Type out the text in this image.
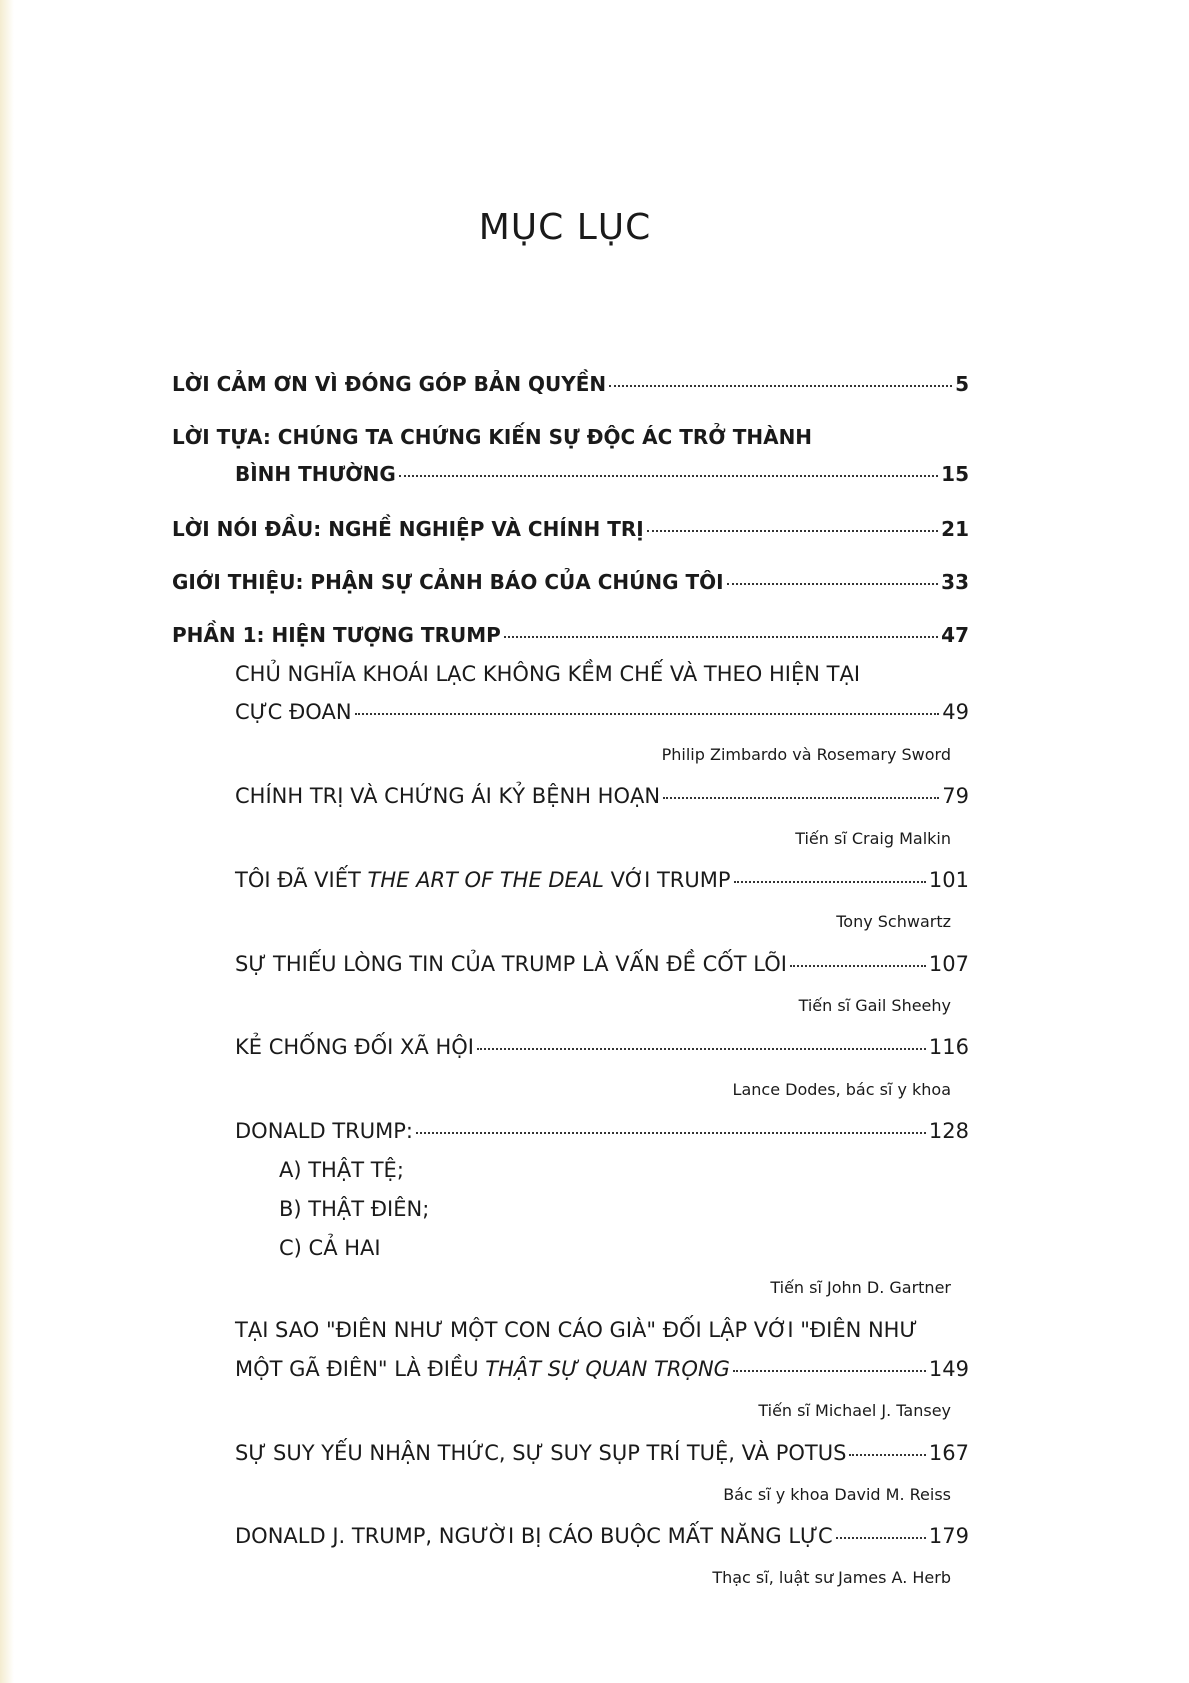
MỤC LỤC
LỜI CẢM ƠN VÌ ĐÓNG GÓP BẢN QUYỀN	5
LỜI TỰA: CHÚNG TA CHỨNG KIẾN SỰ ĐỘC ÁC TRỞ THÀNH
BÌNH THƯỜNG	15
LỜI NÓI ĐẦU: NGHỀ NGHIỆP VÀ CHÍNH TRỊ	21
GIỚI THIỆU: PHẬN SỰ CẢNH BÁO CỦA CHÚNG TÔI	33
PHẦN 1: HIỆN TƯỢNG TRUMP	47
CHỦ NGHĨA KHOÁI LẠC KHÔNG KỀM CHẾ VÀ THEO HIỆN TẠI
CỰC ĐOAN	49
Philip Zimbardo và Rosemary Sword
CHÍNH TRỊ VÀ CHỨNG ÁI KỶ BỆNH HOẠN	79
Tiến sĩ Craig Malkin
TÔI ĐÃ VIẾT THE ART OF THE DEAL VỚI TRUMP	101
Tony Schwartz
SỰ THIẾU LÒNG TIN CỦA TRUMP LÀ VẤN ĐỀ CỐT LÕI	107
Tiến sĩ Gail Sheehy
KẺ CHỐNG ĐỐI XÃ HỘI	116
Lance Dodes, bác sĩ y khoa
DONALD TRUMP:	128
A) THẬT TỆ;
B) THẬT ĐIÊN;
C) CẢ HAI
Tiến sĩ John D. Gartner
TẠI SAO "ĐIÊN NHƯ MỘT CON CÁO GIÀ" ĐỐI LẬP VỚI "ĐIÊN NHƯ
MỘT GÃ ĐIÊN" LÀ ĐIỀU THẬT SỰ QUAN TRỌNG	149
Tiến sĩ Michael J. Tansey
SỰ SUY YẾU NHẬN THỨC, SỰ SUY SỤP TRÍ TUỆ, VÀ POTUS	167
Bác sĩ y khoa David M. Reiss
DONALD J. TRUMP, NGƯỜI BỊ CÁO BUỘC MẤT NĂNG LỰC	179
Thạc sĩ, luật sư James A. Herb
